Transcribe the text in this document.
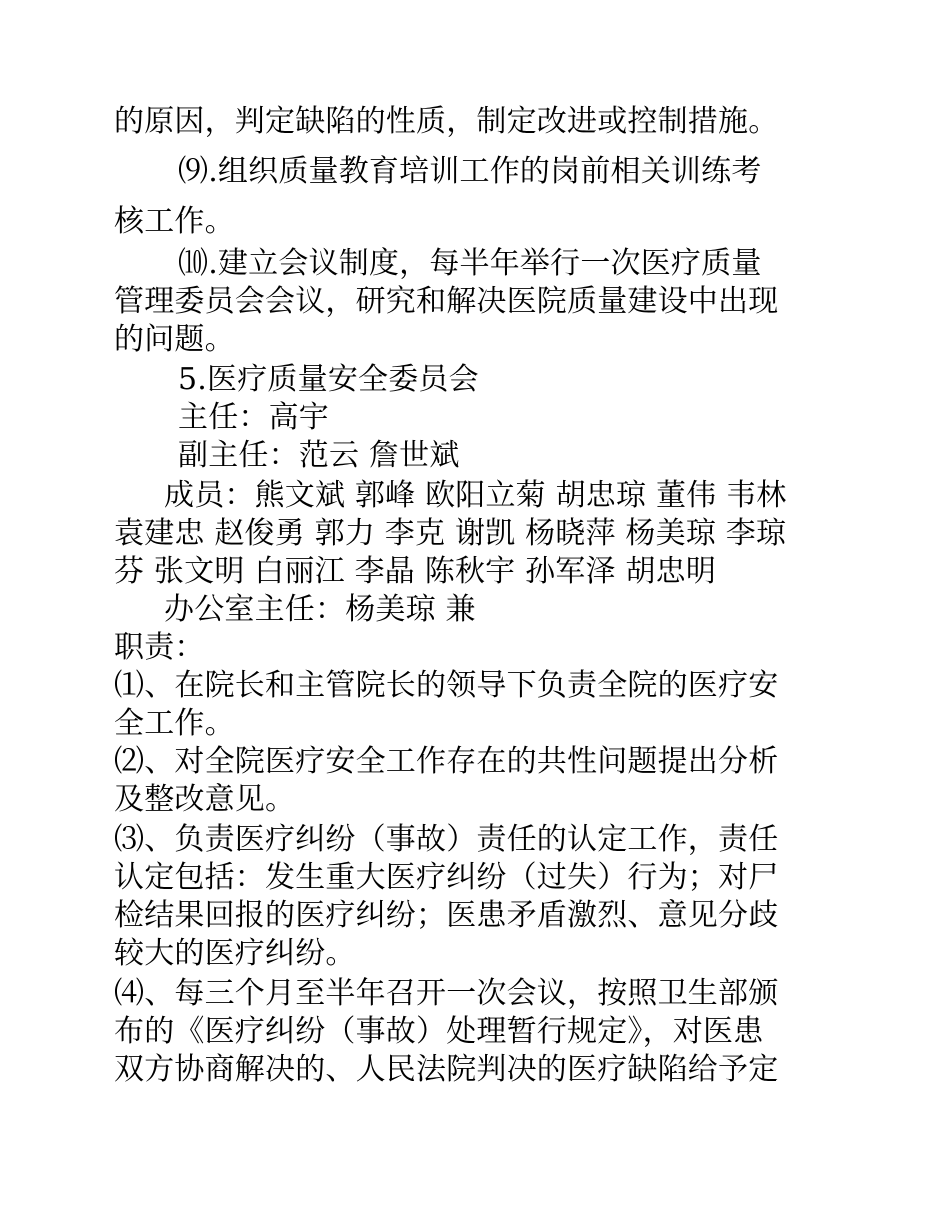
的原因，判定缺陷的性质，制定改进或控制措施。
⑼.组织质量教育培训工作的岗前相关训练考
核工作。
⑽.建立会议制度，每半年举行一次医疗质量
管理委员会会议，研究和解决医院质量建设中出现
的问题。
5.医疗质量安全委员会
主任：高宇
副主任：范云 詹世斌
成员：熊文斌 郭峰 欧阳立菊 胡忠琼 董伟 韦林
袁建忠 赵俊勇 郭力 李克 谢凯 杨晓萍 杨美琼 李琼
芬 张文明 白丽江 李晶 陈秋宇 孙军泽 胡忠明
办公室主任：杨美琼 兼
职责：
⑴、在院长和主管院长的领导下负责全院的医疗安
全工作。
⑵、对全院医疗安全工作存在的共性问题提出分析
及整改意见。
⑶、负责医疗纠纷（事故）责任的认定工作，责任
认定包括：发生重大医疗纠纷（过失）行为；对尸
检结果回报的医疗纠纷；医患矛盾激烈、意见分歧
较大的医疗纠纷。
⑷、每三个月至半年召开一次会议，按照卫生部颁
布的《医疗纠纷（事故）处理暂行规定》，对医患
双方协商解决的、人民法院判决的医疗缺陷给予定
